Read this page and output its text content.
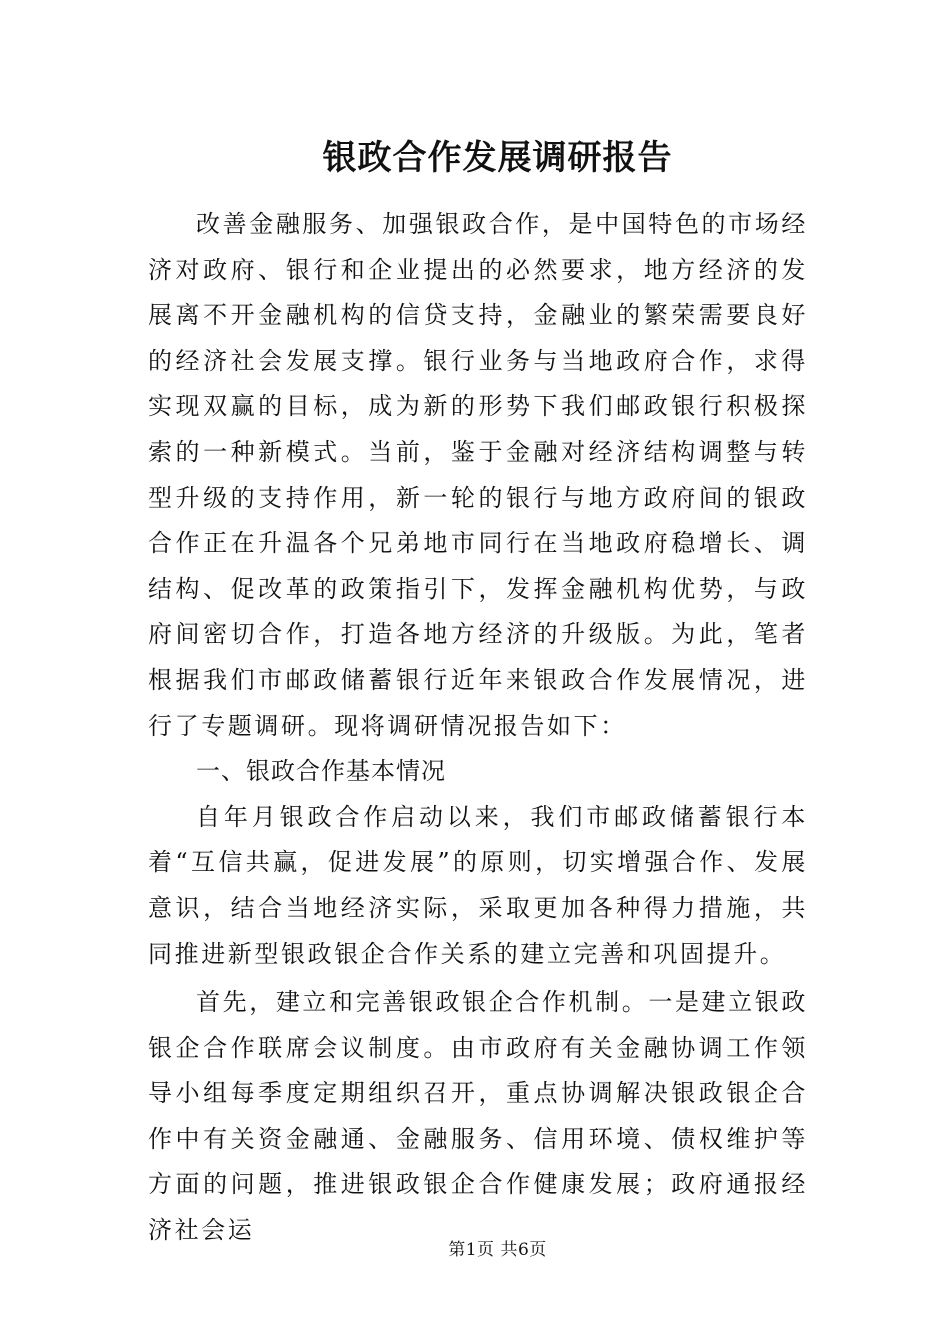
银政合作发展调研报告

改善金融服务、加强银政合作，是中国特色的市场经济对政府、银行和企业提出的必然要求，地方经济的发展离不开金融机构的信贷支持，金融业的繁荣需要良好的经济社会发展支撑。银行业务与当地政府合作，求得实现双赢的目标，成为新的形势下我们邮政银行积极探索的一种新模式。当前，鉴于金融对经济结构调整与转型升级的支持作用，新一轮的银行与地方政府间的银政合作正在升温各个兄弟地市同行在当地政府稳增长、调结构、促改革的政策指引下，发挥金融机构优势，与政府间密切合作，打造各地方经济的升级版。为此，笔者根据我们市邮政储蓄银行近年来银政合作发展情况，进行了专题调研。现将调研情况报告如下：

一、银政合作基本情况

自年月银政合作启动以来，我们市邮政储蓄银行本着“互信共赢，促进发展”的原则，切实增强合作、发展意识，结合当地经济实际，采取更加各种得力措施，共同推进新型银政银企合作关系的建立完善和巩固提升。

首先，建立和完善银政银企合作机制。一是建立银政银企合作联席会议制度。由市政府有关金融协调工作领导小组每季度定期组织召开，重点协调解决银政银企合作中有关资金融通、金融服务、信用环境、债权维护等方面的问题，推进银政银企合作健康发展；政府通报经济社会运

第1页 共6页
